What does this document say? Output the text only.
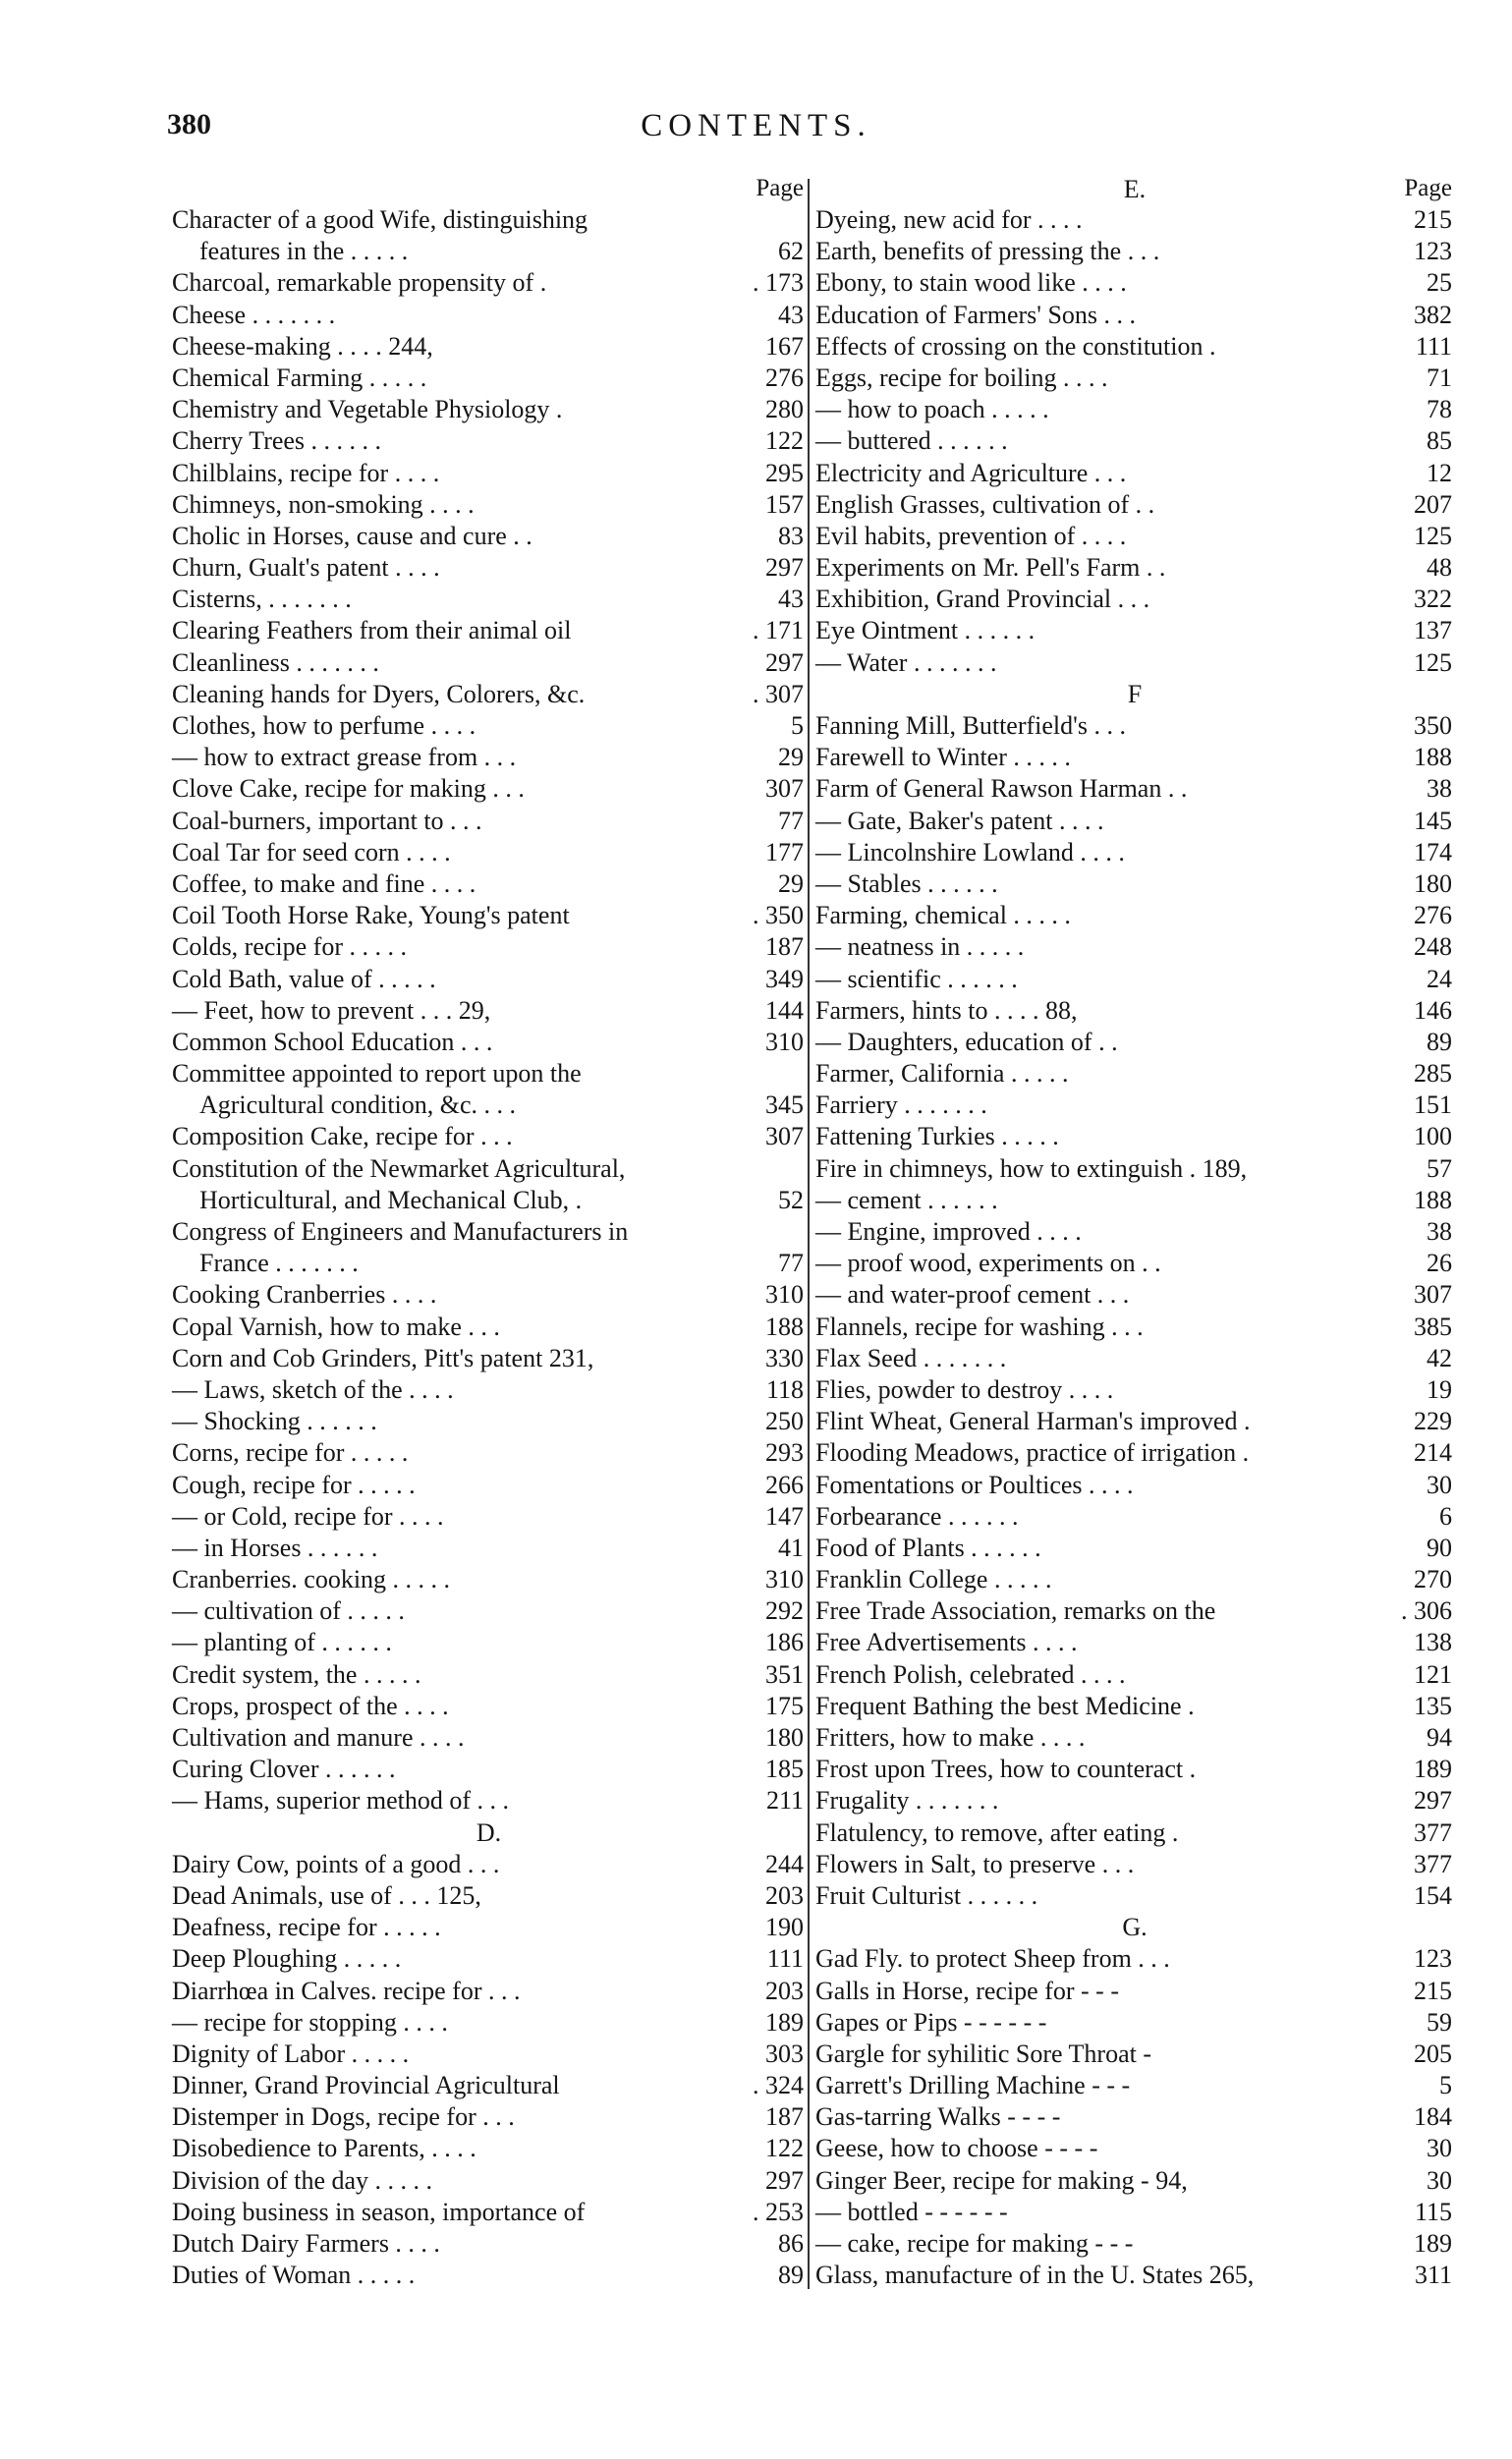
380	CONTENTS.
Page
Character of a good Wife, distinguishing
features in the . . . . .	62
Charcoal, remarkable propensity of .	. 173
Cheese . . . . . . .	43
Cheese-making . . . . 244,	167
Chemical Farming . . . . .	276
Chemistry and Vegetable Physiology .	280
Cherry Trees . . . . . .	122
Chilblains, recipe for . . . .	295
Chimneys, non-smoking . . . .	157
Cholic in Horses, cause and cure . .	83
Churn, Gualt's patent . . . .	297
Cisterns, . . . . . . .	43
Clearing Feathers from their animal oil	. 171
Cleanliness . . . . . . .	297
Cleaning hands for Dyers, Colorers, &c.	. 307
Clothes, how to perfume . . . .	5
— how to extract grease from . . .	29
Clove Cake, recipe for making . . .	307
Coal-burners, important to . . .	77
Coal Tar for seed corn . . . .	177
Coffee, to make and fine . . . .	29
Coil Tooth Horse Rake, Young's patent	. 350
Colds, recipe for . . . . .	187
Cold Bath, value of . . . . .	349
— Feet, how to prevent . . . 29,	144
Common School Education . . .	310
Committee appointed to report upon the
Agricultural condition, &c. . . .	345
Composition Cake, recipe for . . .	307
Constitution of the Newmarket Agricultural,
Horticultural, and Mechanical Club, .	52
Congress of Engineers and Manufacturers in
France . . . . . . .	77
Cooking Cranberries . . . .	310
Copal Varnish, how to make . . .	188
Corn and Cob Grinders, Pitt's patent 231,	330
— Laws, sketch of the . . . .	118
— Shocking . . . . . .	250
Corns, recipe for . . . . .	293
Cough, recipe for . . . . .	266
— or Cold, recipe for . . . .	147
— in Horses . . . . . .	41
Cranberries. cooking . . . . .	310
— cultivation of . . . . .	292
— planting of . . . . . .	186
Credit system, the . . . . .	351
Crops, prospect of the . . . .	175
Cultivation and manure . . . .	180
Curing Clover . . . . . .	185
— Hams, superior method of . . .	211
D.
Dairy Cow, points of a good . . .	244
Dead Animals, use of . . . 125,	203
Deafness, recipe for . . . . .	190
Deep Ploughing . . . . .	111
Diarrhœa in Calves. recipe for . . .	203
— recipe for stopping . . . .	189
Dignity of Labor . . . . .	303
Dinner, Grand Provincial Agricultural	. 324
Distemper in Dogs, recipe for . . .	187
Disobedience to Parents, . . . .	122
Division of the day . . . . .	297
Doing business in season, importance of	. 253
Dutch Dairy Farmers . . . .	86
Duties of Woman . . . . .	89
E.	Page
Dyeing, new acid for . . . .	215
Earth, benefits of pressing the . . .	123
Ebony, to stain wood like . . . .	25
Education of Farmers' Sons . . .	382
Effects of crossing on the constitution .	111
Eggs, recipe for boiling . . . .	71
— how to poach . . . . .	78
— buttered . . . . . .	85
Electricity and Agriculture . . .	12
English Grasses, cultivation of . .	207
Evil habits, prevention of . . . .	125
Experiments on Mr. Pell's Farm . .	48
Exhibition, Grand Provincial . . .	322
Eye Ointment . . . . . .	137
— Water . . . . . . .	125
F
Fanning Mill, Butterfield's . . .	350
Farewell to Winter . . . . .	188
Farm of General Rawson Harman . .	38
— Gate, Baker's patent . . . .	145
— Lincolnshire Lowland . . . .	174
— Stables . . . . . .	180
Farming, chemical . . . . .	276
— neatness in . . . . .	248
— scientific . . . . . .	24
Farmers, hints to . . . . 88,	146
— Daughters, education of . .	89
Farmer, California . . . . .	285
Farriery . . . . . . .	151
Fattening Turkies . . . . .	100
Fire in chimneys, how to extinguish . 189,	57
— cement . . . . . .	188
— Engine, improved . . . .	38
— proof wood, experiments on . .	26
— and water-proof cement . . .	307
Flannels, recipe for washing . . .	385
Flax Seed . . . . . . .	42
Flies, powder to destroy . . . .	19
Flint Wheat, General Harman's improved .	229
Flooding Meadows, practice of irrigation .	214
Fomentations or Poultices . . . .	30
Forbearance . . . . . .	6
Food of Plants . . . . . .	90
Franklin College . . . . .	270
Free Trade Association, remarks on the	. 306
Free Advertisements . . . .	138
French Polish, celebrated . . . .	121
Frequent Bathing the best Medicine .	135
Fritters, how to make . . . .	94
Frost upon Trees, how to counteract .	189
Frugality . . . . . . .	297
Flatulency, to remove, after eating .	377
Flowers in Salt, to preserve . . .	377
Fruit Culturist . . . . . .	154
G.
Gad Fly. to protect Sheep from . . .	123
Galls in Horse, recipe for - - -	215
Gapes or Pips - - - - - -	59
Gargle for syhilitic Sore Throat -	205
Garrett's Drilling Machine - - -	5
Gas-tarring Walks - - - -	184
Geese, how to choose - - - -	30
Ginger Beer, recipe for making - 94,	30
— bottled - - - - - -	115
— cake, recipe for making - - -	189
Glass, manufacture of in the U. States 265,	311
